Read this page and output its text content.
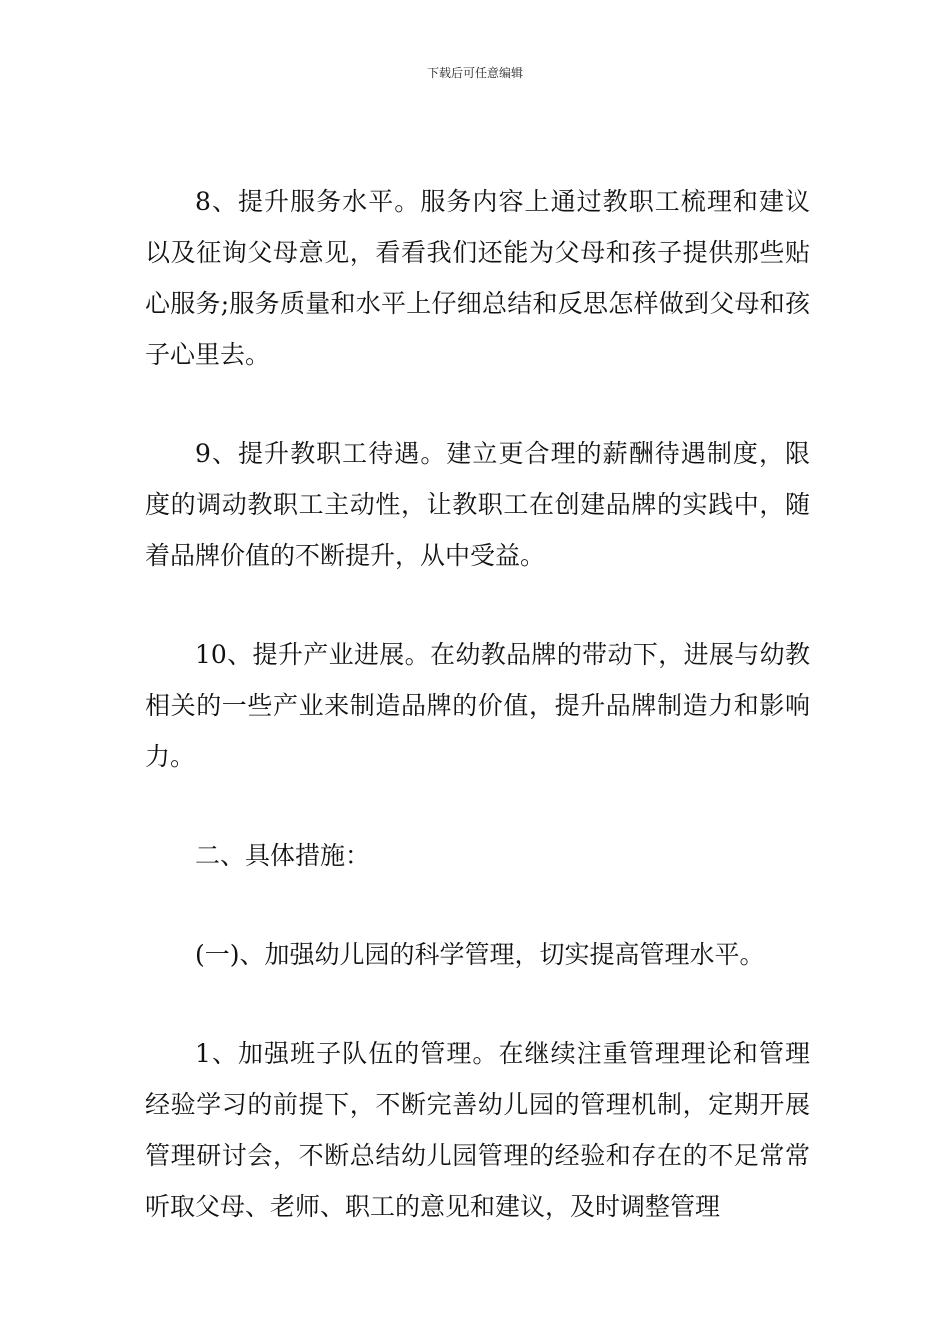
下载后可任意编辑

8、提升服务水平。服务内容上通过教职工梳理和建议以及征询父母意见，看看我们还能为父母和孩子提供那些贴心服务;服务质量和水平上仔细总结和反思怎样做到父母和孩子心里去。

9、提升教职工待遇。建立更合理的薪酬待遇制度，限度的调动教职工主动性，让教职工在创建品牌的实践中，随着品牌价值的不断提升，从中受益。

10、提升产业进展。在幼教品牌的带动下，进展与幼教相关的一些产业来制造品牌的价值，提升品牌制造力和影响力。

二、具体措施：

(一)、加强幼儿园的科学管理，切实提高管理水平。

1、加强班子队伍的管理。在继续注重管理理论和管理经验学习的前提下，不断完善幼儿园的管理机制，定期开展管理研讨会，不断总结幼儿园管理的经验和存在的不足常常听取父母、老师、职工的意见和建议，及时调整管理
